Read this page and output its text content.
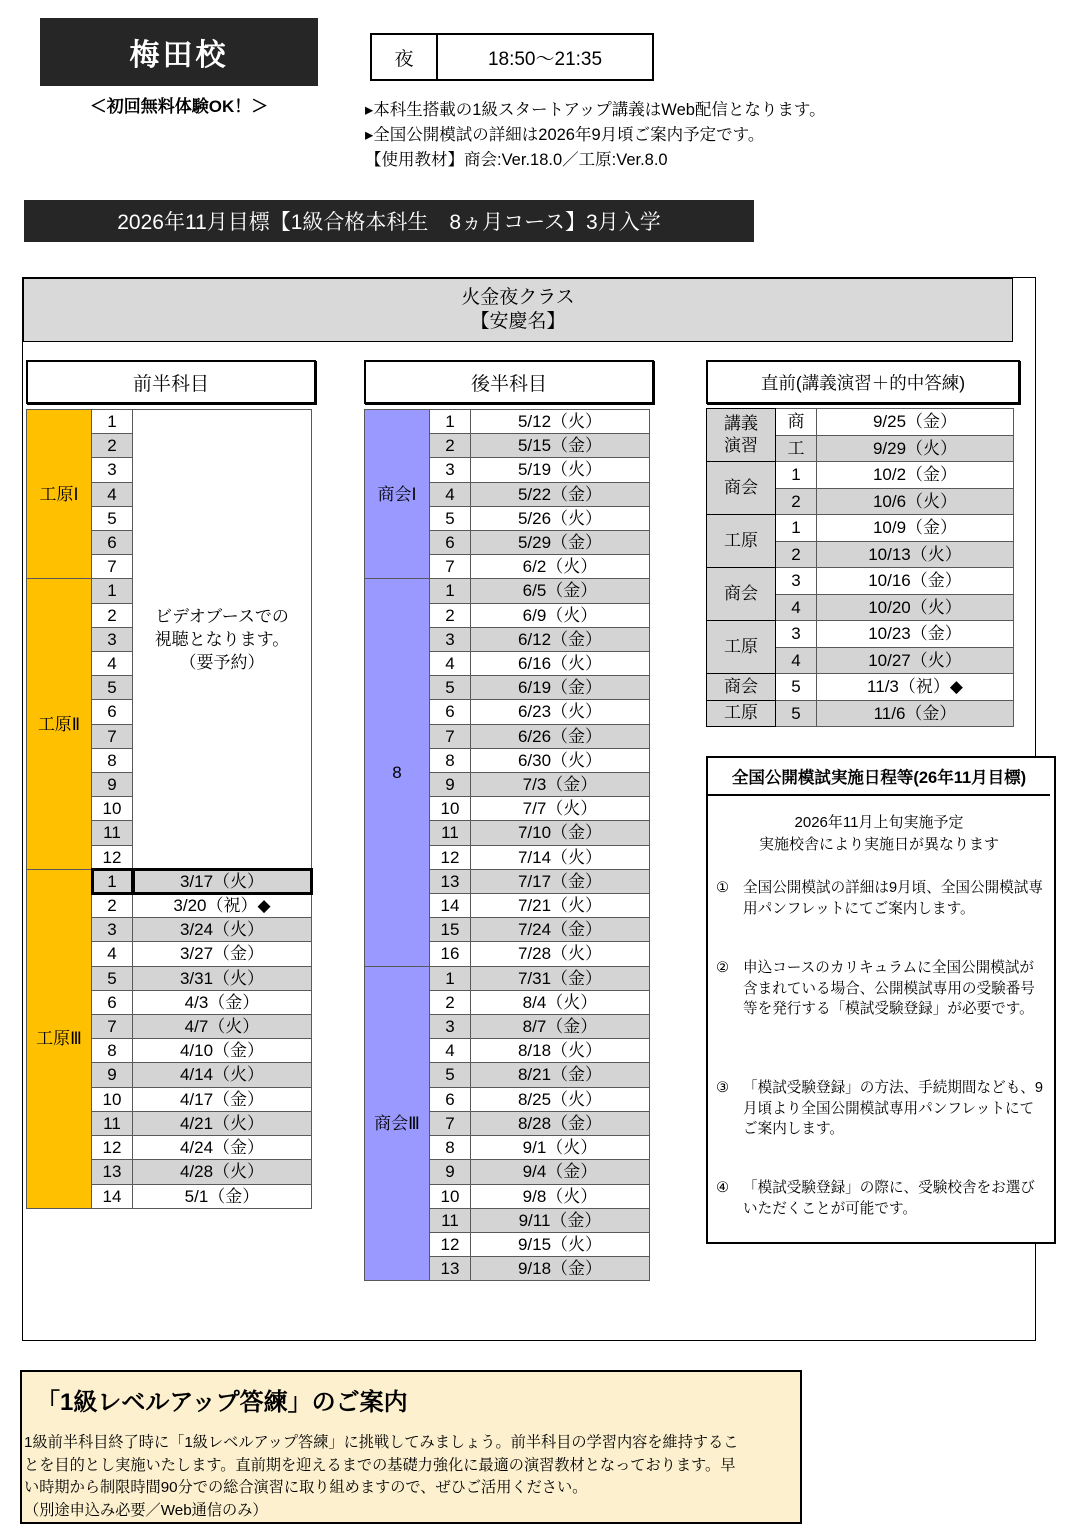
梅田校
＜初回無料体験OK！＞
夜	18:50〜21:35
▸本科生搭載の1級スタートアップ講義はWeb配信となります。
▸全国公開模試の詳細は2026年9月頃ご案内予定です。
【使用教材】商会:Ver.18.0／工原:Ver.8.0
2026年11月目標【1級合格本科生　8ヵ月コース】3月入学
火金夜クラス
【安慶名】
前半科目	後半科目	直前(講義演習＋的中答練)
工原Ⅰ	1	ビデオブースでの
視聴となります。
（要予約）

	2	
	3	
	4	
	5	
	6	
	7	
工原Ⅱ	1	
	2	
	3	
	4	
	5	
	6	
	7	
	8	
	9	
	10	
	11	
	12	
工原Ⅲ	1	3/17（火）
	2	3/20（祝）◆
	3	3/24（火）
	4	3/27（金）
	5	3/31（火）
	6	4/3（金）
	7	4/7（火）
	8	4/10（金）
	9	4/14（火）
	10	4/17（金）
	11	4/21（火）
	12	4/24（金）
	13	4/28（火）
	14	5/1（金）
商会Ⅰ	1	5/12（火）
	2	5/15（金）
	3	5/19（火）
	4	5/22（金）
	5	5/26（火）
	6	5/29（金）
	7	6/2（火）
8	1	6/5（金）
	2	6/9（火）
	3	6/12（金）
	4	6/16（火）
	5	6/19（金）
	6	6/23（火）
	7	6/26（金）
	8	6/30（火）
	9	7/3（金）
	10	7/7（火）
	11	7/10（金）
	12	7/14（火）
	13	7/17（金）
	14	7/21（火）
	15	7/24（金）
	16	7/28（火）
商会Ⅲ	1	7/31（金）
	2	8/4（火）
	3	8/7（金）
	4	8/18（火）
	5	8/21（金）
	6	8/25（火）
	7	8/28（金）
	8	9/1（火）
	9	9/4（金）
	10	9/8（火）
	11	9/11（金）
	12	9/15（火）
	13	9/18（金）
講義
演習	商	9/25（金）
	工	9/29（火）

商会	1	10/2（金）
	2	10/6（火）

工原	1	10/9（金）
	2	10/13（火）

商会	3	10/16（金）
	4	10/20（火）

工原	3	10/23（金）
	4	10/27（火）

商会	5	11/3（祝）◆

工原	5	11/6（金）
全国公開模試実施日程等(26年11月目標)
2026年11月上旬実施予定
実施校舎により実施日が異なります
① 全国公開模試の詳細は9月頃、全国公開模試専用パンフレットにてご案内します。
② 申込コースのカリキュラムに全国公開模試が含まれている場合、公開模試専用の受験番号等を発行する「模試受験登録」が必要です。
③ 「模試受験登録」の方法、手続期間なども、9月頃より全国公開模試専用パンフレットにてご案内します。
④ 「模試受験登録」の際に、受験校舎をお選びいただくことが可能です。
「1級レベルアップ答練」のご案内
1級前半科目終了時に「1級レベルアップ答練」に挑戦してみましょう。前半科目の学習内容を維持するこ
とを目的とし実施いたします。直前期を迎えるまでの基礎力強化に最適の演習教材となっております。早
い時期から制限時間90分での総合演習に取り組めますので、ぜひご活用ください。
（別途申込み必要／Web通信のみ）
